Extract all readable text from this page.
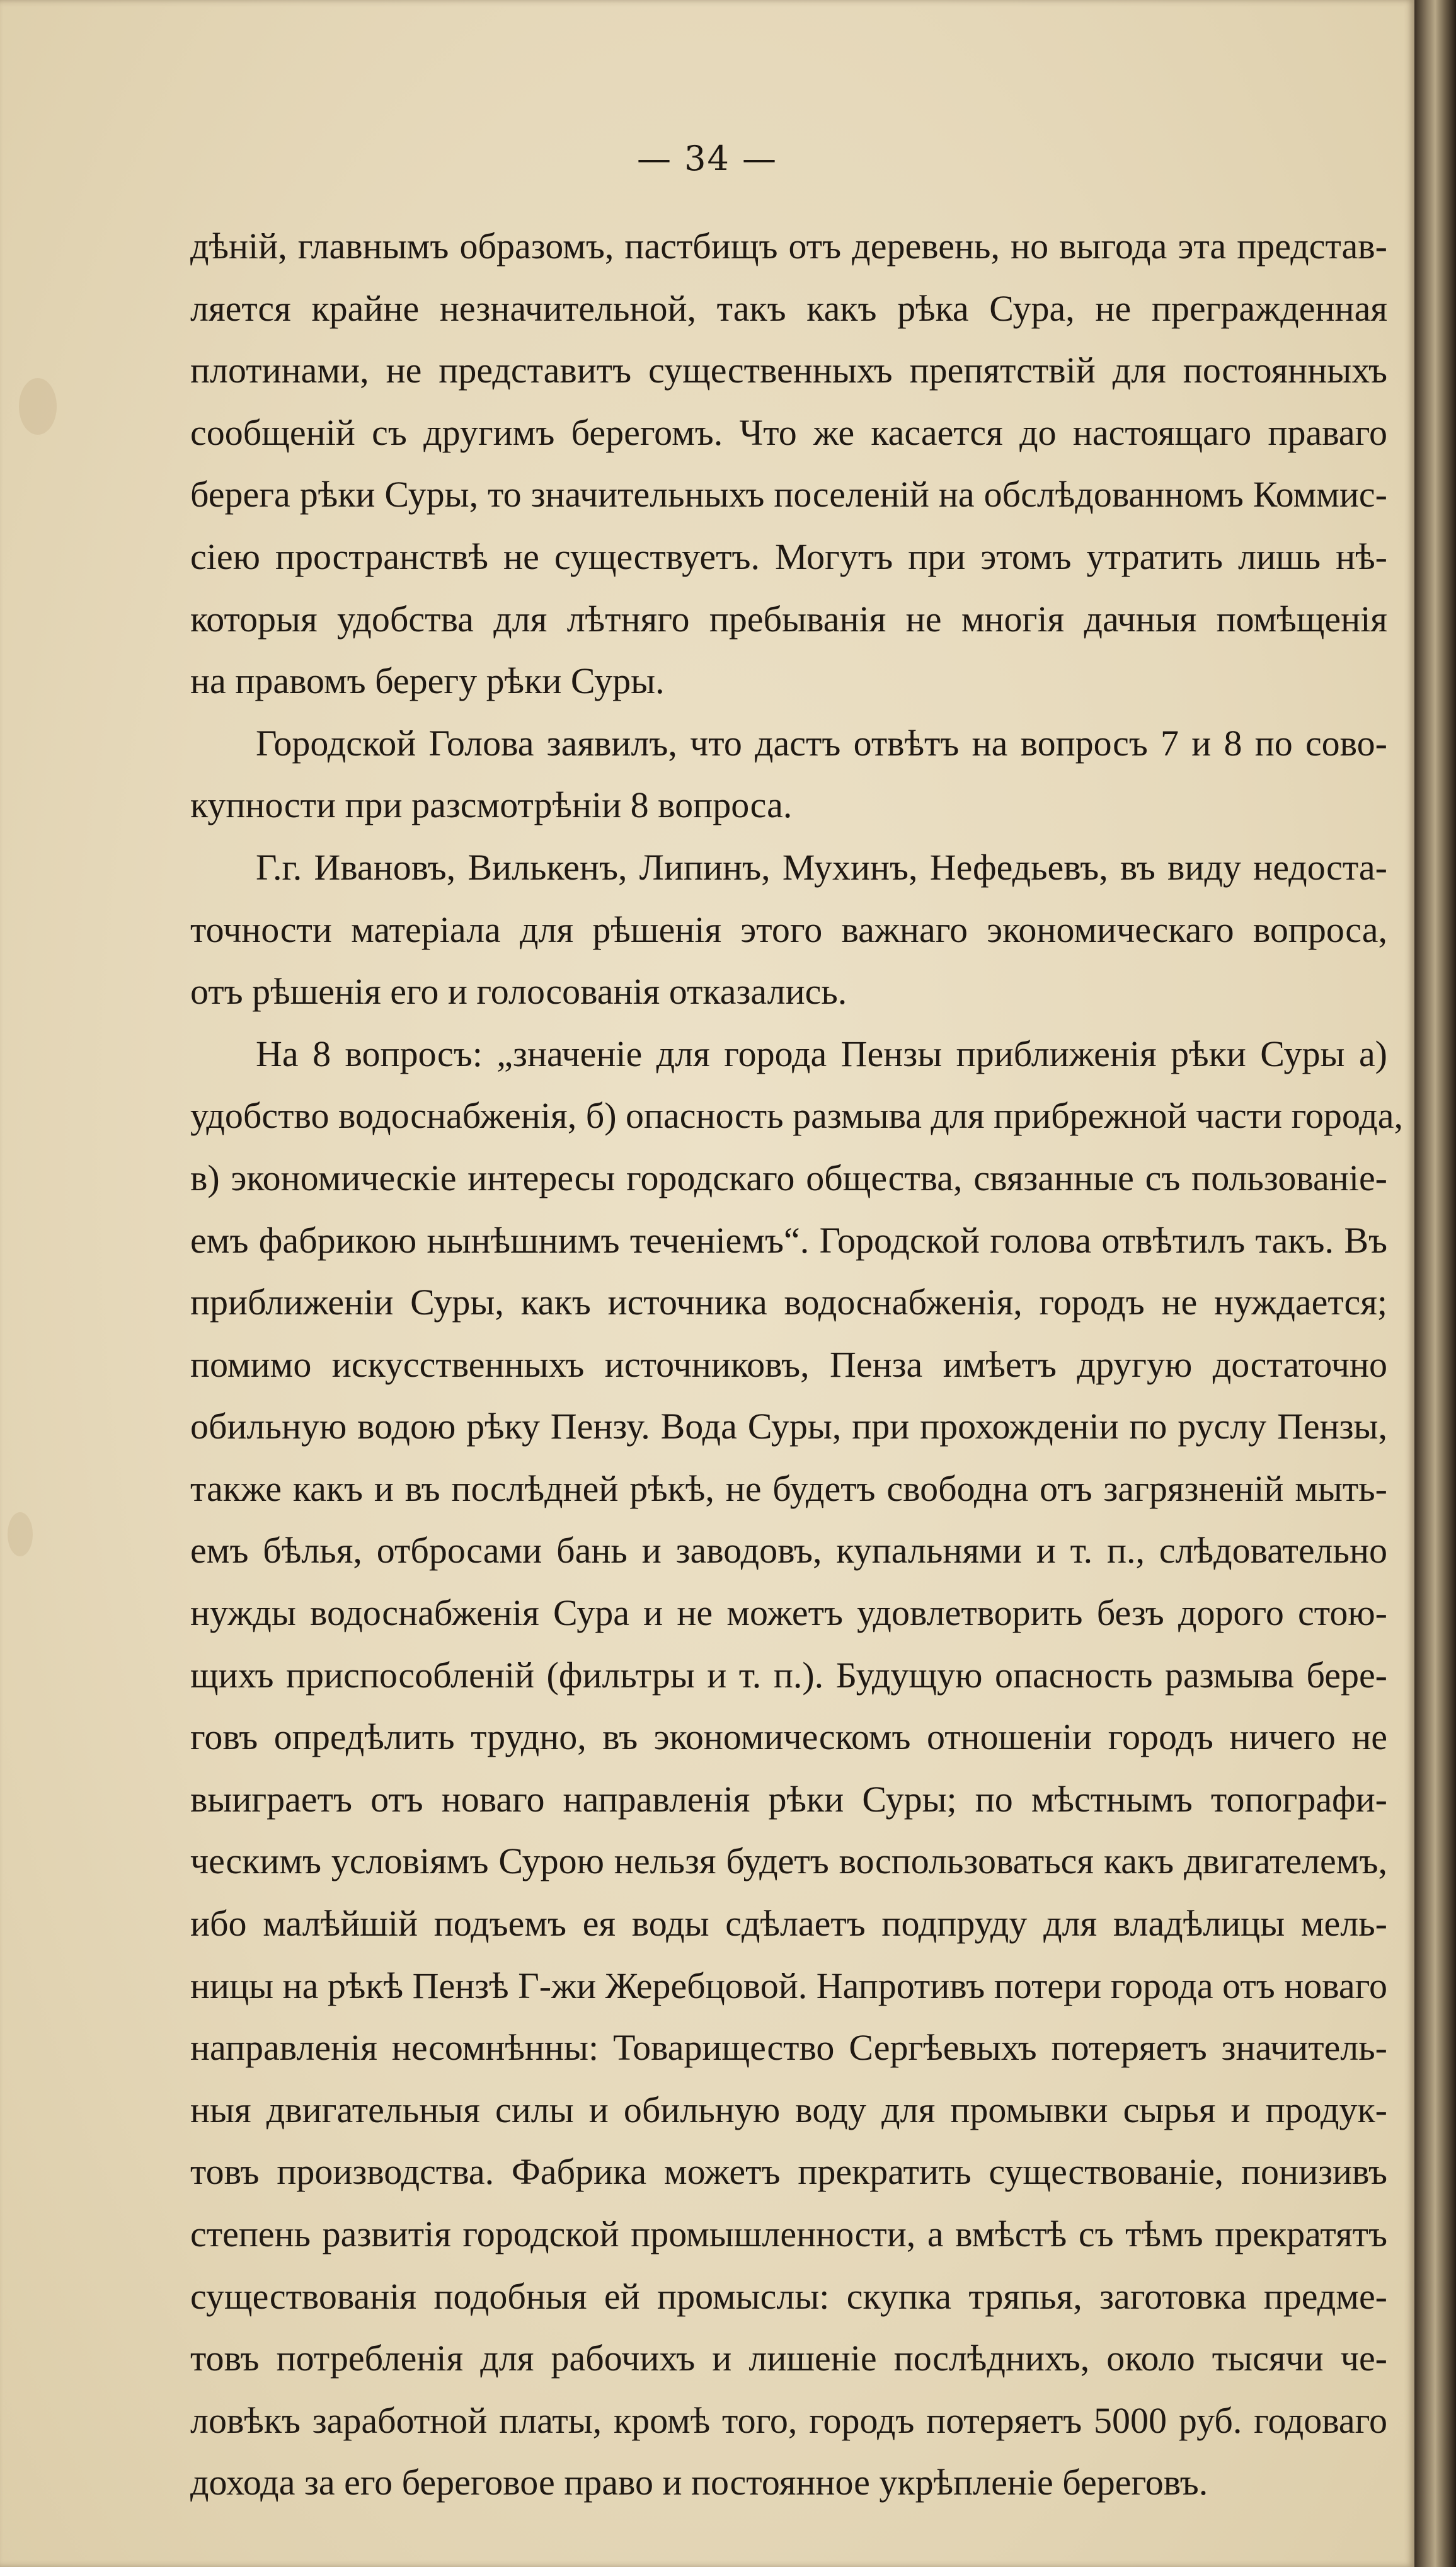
— 34 —
дѣній, главнымъ образомъ, пастбищъ отъ деревень, но выгода эта представ-
ляется крайне незначительной, такъ какъ рѣка Сура, не прегражденная
плотинами, не представитъ существенныхъ препятствій для постоянныхъ
сообщеній съ другимъ берегомъ. Что же касается до настоящаго праваго
берега рѣки Суры, то значительныхъ поселеній на обслѣдованномъ Коммис-
сіею пространствѣ не существуетъ. Могутъ при этомъ утратить лишь нѣ-
которыя удобства для лѣтняго пребыванія не многія дачныя помѣщенія
на правомъ берегу рѣки Суры.
Городской Голова заявилъ, что дастъ отвѣтъ на вопросъ 7 и 8 по сово-
купности при разсмотрѣніи 8 вопроса.
Г.г. Ивановъ, Вилькенъ, Липинъ, Мухинъ, Нефедьевъ, въ виду недоста-
точности матеріала для рѣшенія этого важнаго экономическаго вопроса,
отъ рѣшенія его и голосованія отказались.
На 8 вопросъ: „значеніе для города Пензы приближенія рѣки Суры а)
удобство водоснабженія, б) опасность размыва для прибрежной части города,
в) экономическіе интересы городскаго общества, связанные съ пользованіе-
емъ фабрикою нынѣшнимъ теченіемъ“. Городской голова отвѣтилъ такъ. Въ
приближеніи Суры, какъ источника водоснабженія, городъ не нуждается;
помимо искусственныхъ источниковъ, Пенза имѣетъ другую достаточно
обильную водою рѣку Пензу. Вода Суры, при прохожденіи по руслу Пензы,
также какъ и въ послѣдней рѣкѣ, не будетъ свободна отъ загрязненій мыть-
емъ бѣлья, отбросами бань и заводовъ, купальнями и т. п., слѣдовательно
нужды водоснабженія Сура и не можетъ удовлетворить безъ дорого стою-
щихъ приспособленій (фильтры и т. п.). Будущую опасность размыва бере-
говъ опредѣлить трудно, въ экономическомъ отношеніи городъ ничего не
выиграетъ отъ новаго направленія рѣки Суры; по мѣстнымъ топографи-
ческимъ условіямъ Сурою нельзя будетъ воспользоваться какъ двигателемъ,
ибо малѣйшій подъемъ ея воды сдѣлаетъ подпруду для владѣлицы мель-
ницы на рѣкѣ Пензѣ Г-жи Жеребцовой. Напротивъ потери города отъ новаго
направленія несомнѣнны: Товарищество Сергѣевыхъ потеряетъ значитель-
ныя двигательныя силы и обильную воду для промывки сырья и продук-
товъ производства. Фабрика можетъ прекратить существованіе, понизивъ
степень развитія городской промышленности, а вмѣстѣ съ тѣмъ прекратятъ
существованія подобныя ей промыслы: скупка тряпья, заготовка предме-
товъ потребленія для рабочихъ и лишеніе послѣднихъ, около тысячи че-
ловѣкъ заработной платы, кромѣ того, городъ потеряетъ 5000 руб. годоваго
дохода за его береговое право и постоянное укрѣпленіе береговъ.
